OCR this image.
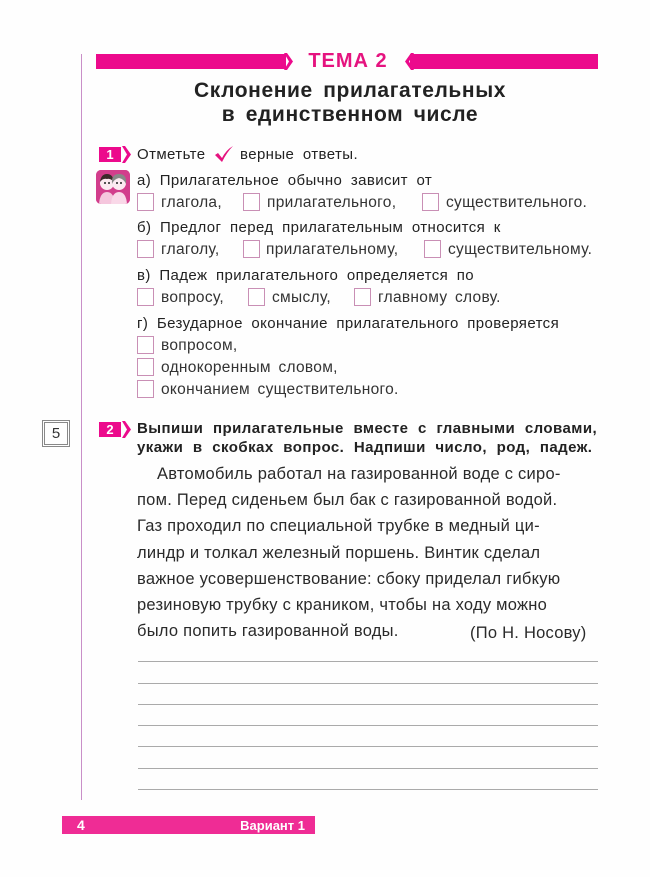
ТЕМА 2
Склонение прилагательных
в единственном числе
1	Отметьте верные ответы.
а) Прилагательное обычно зависит от
глагола,	прилагательного,	существительного.
б) Предлог перед прилагательным относится к
глаголу,	прилагательному,	существительному.
в) Падеж прилагательного определяется по
вопросу,	смыслу,	главному слову.
г) Безударное окончание прилагательного проверяется
вопросом,
однокоренным словом,
окончанием существительного.
5	2	Выпиши прилагательные вместе с главными словами,
укажи в скобках вопрос. Надпиши число, род, падеж.
Автомобиль работал на газированной воде с сиро-
пом. Перед сиденьем был бак с газированной водой.
Газ проходил по специальной трубке в медный ци-
линдр и толкал железный поршень. Винтик сделал
важное усовершенствование: сбоку приделал гибкую
резиновую трубку с краником, чтобы на ходу можно
было попить газированной воды.	(По Н. Носову)
4	Вариант 1
